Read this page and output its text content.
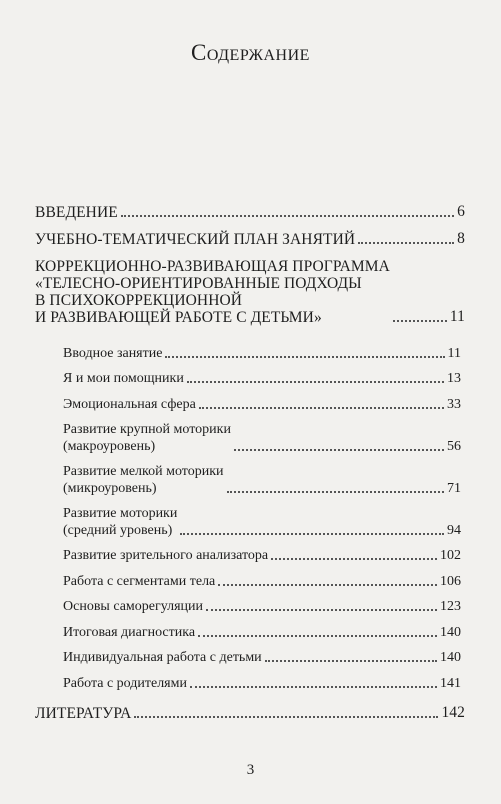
Содержание
ВВЕДЕНИЕ	6
УЧЕБНО-ТЕМАТИЧЕСКИЙ ПЛАН ЗАНЯТИЙ	8
КОРРЕКЦИОННО-РАЗВИВАЮЩАЯ ПРОГРАММА
«ТЕЛЕСНО-ОРИЕНТИРОВАННЫЕ ПОДХОДЫ
В ПСИХОКОРРЕКЦИОННОЙ
И РАЗВИВАЮЩЕЙ РАБОТЕ С ДЕТЬМИ»	11
Вводное занятие	11
Я и мои помощники	13
Эмоциональная сфера	33
Развитие крупной моторики
(макроуровень)	56
Развитие мелкой моторики
(микроуровень)	71
Развитие моторики
(средний уровень)	94
Развитие зрительного анализатора	102
Работа с сегментами тела	106
Основы саморегуляции	123
Итоговая диагностика	140
Индивидуальная работа с детьми	140
Работа с родителями	141
ЛИТЕРАТУРА	142
3
